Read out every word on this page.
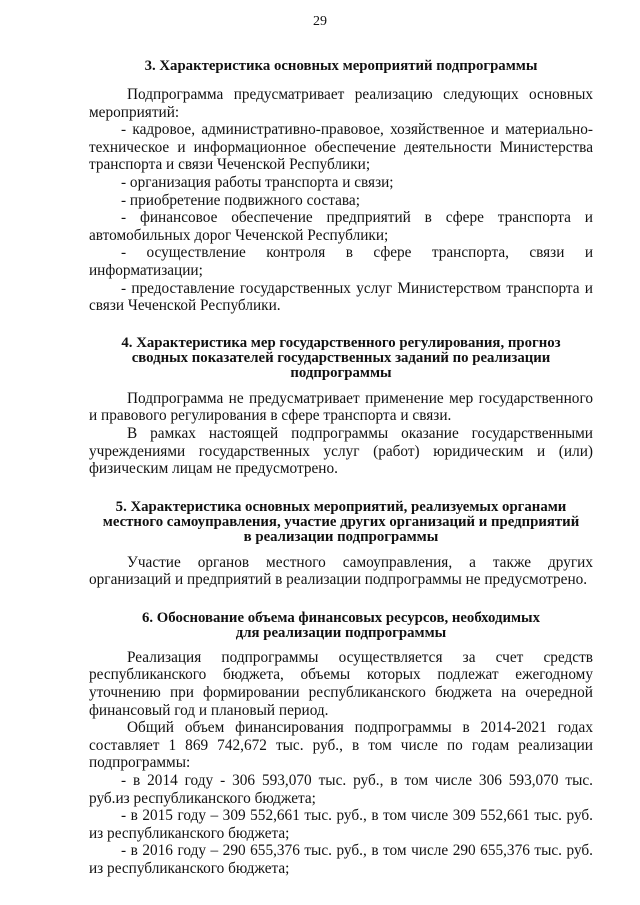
29
3. Характеристика основных мероприятий подпрограммы

Подпрограмма предусматривает реализацию следующих основных мероприятий:

- кадровое, административно-правовое, хозяйственное и материально-техническое и информационное обеспечение деятельности Министерства транспорта и связи Чеченской Республики;

- организация работы транспорта и связи;

- приобретение подвижного состава;

- финансовое обеспечение предприятий в сфере транспорта и автомобильных дорог Чеченской Республики;

- осуществление контроля в сфере транспорта, связи и информатизации;

- предоставление государственных услуг Министерством транспорта и связи Чеченской Республики.

4. Характеристика мер государственного регулирования, прогноз
сводных показателей государственных заданий по реализации
подпрограммы

Подпрограмма не предусматривает применение мер государственного и правового регулирования в сфере транспорта и связи.

В рамках настоящей подпрограммы оказание государственными учреждениями государственных услуг (работ) юридическим и (или) физическим лицам не предусмотрено.

5. Характеристика основных мероприятий, реализуемых органами
местного самоуправления, участие других организаций и предприятий
в реализации подпрограммы

Участие органов местного самоуправления, а также других организаций и предприятий в реализации подпрограммы не предусмотрено.

6. Обоснование объема финансовых ресурсов, необходимых
для реализации подпрограммы

Реализация подпрограммы осуществляется за счет средств республиканского бюджета, объемы которых подлежат ежегодному уточнению при формировании республиканского бюджета на очередной финансовый год и плановый период.

Общий объем финансирования подпрограммы в 2014-2021 годах составляет 1 869 742,672 тыс. руб., в том числе по годам реализации подпрограммы:

- в 2014 году - 306 593,070 тыс. руб., в том числе 306 593,070 тыс. руб.из республиканского бюджета;

- в 2015 году – 309 552,661 тыс. руб., в том числе 309 552,661 тыс. руб. из республиканского бюджета;

- в 2016 году – 290 655,376 тыс. руб., в том числе 290 655,376 тыс. руб. из республиканского бюджета;
